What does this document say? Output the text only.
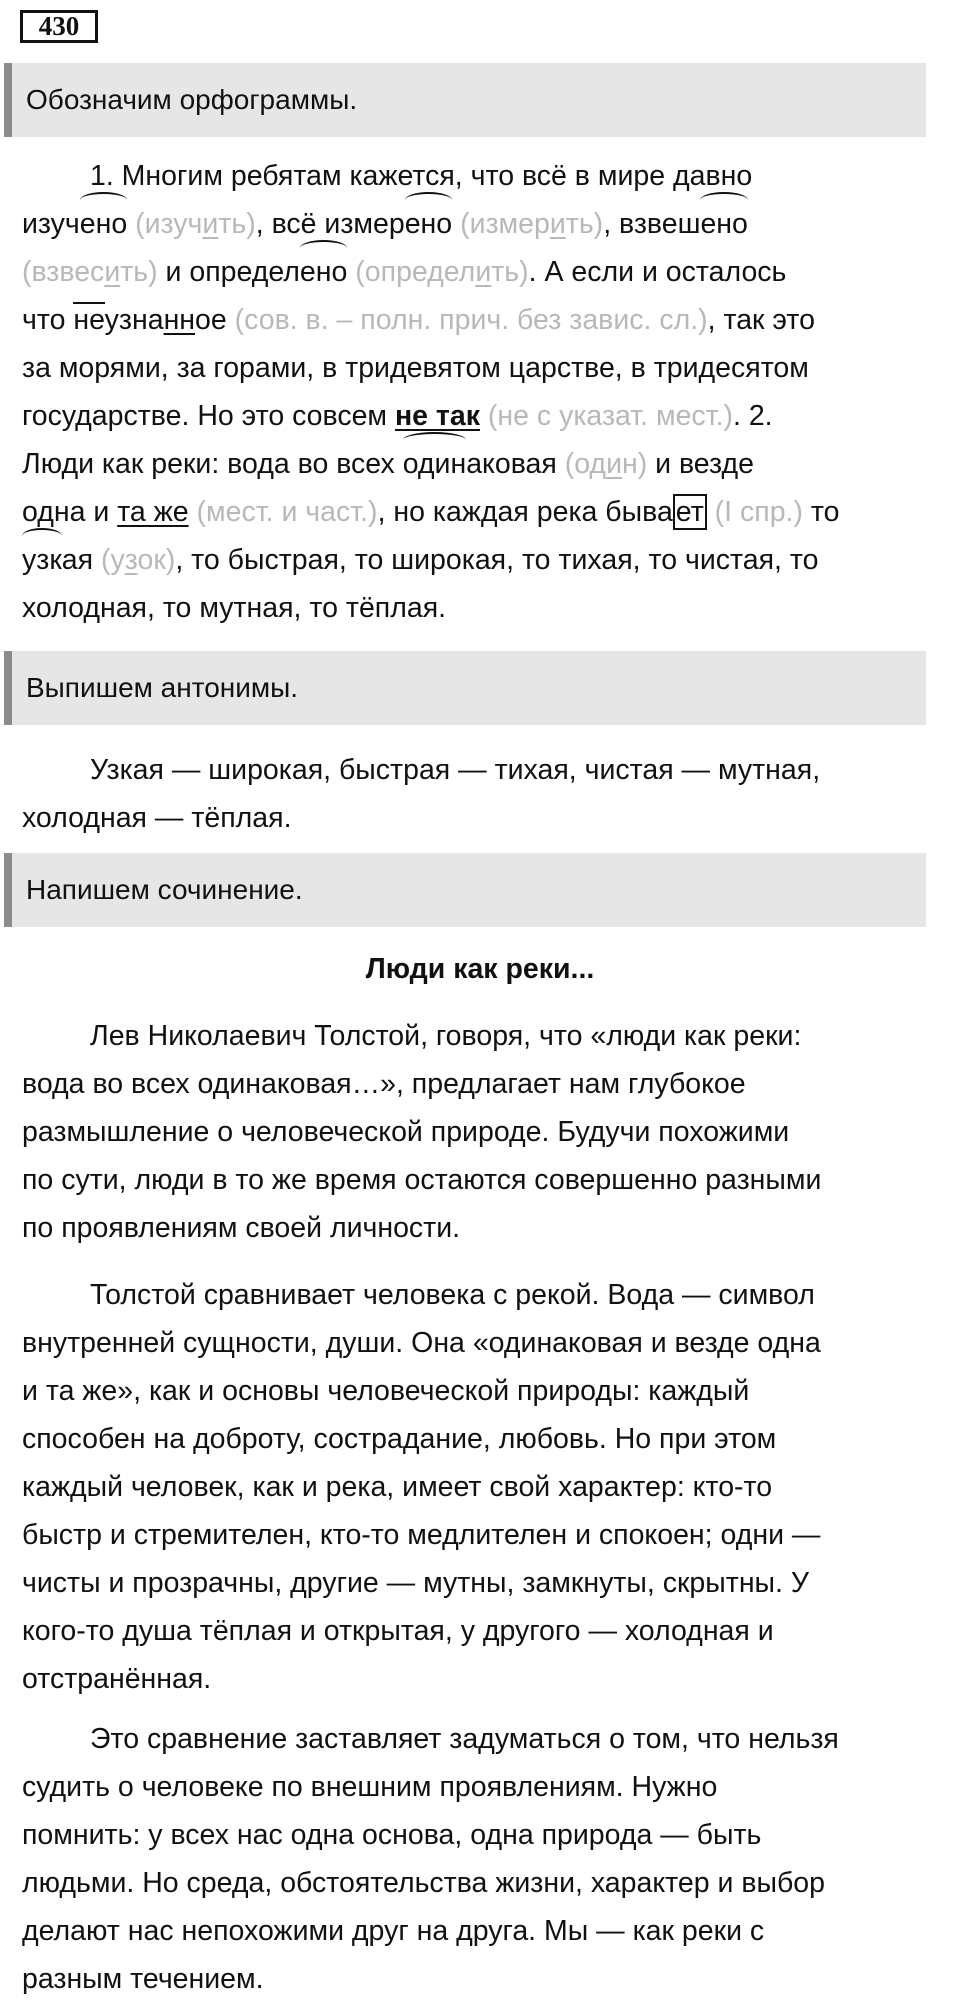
430
Обозначим орфограммы.
1. Многим ребятам кажется, что всё в мире давно
изучено (изучить), всё измерено (измерить), взвешено
(взвесить) и определено (определить). А если и осталось
что неузнанное (сов. в. – полн. прич. без завис. сл.), так это
за морями, за горами, в тридевятом царстве, в тридесятом
государстве. Но это совсем не так (не с указат. мест.). 2.
Люди как реки: вода во всех одинаковая (один) и везде
одна и та же (мест. и част.), но каждая река быва ет (I спр.) то
узкая (узок), то быстрая, то широкая, то тихая, то чистая, то
холодная, то мутная, то тёплая.
Выпишем антонимы.
Узкая — широкая, быстрая — тихая, чистая — мутная,
холодная — тёплая.
Напишем сочинение.
Люди как реки...
Лев Николаевич Толстой, говоря, что «люди как реки:
вода во всех одинаковая…», предлагает нам глубокое
размышление о человеческой природе. Будучи похожими
по сути, люди в то же время остаются совершенно разными
по проявлениям своей личности.
Толстой сравнивает человека с рекой. Вода — символ
внутренней сущности, души. Она «одинаковая и везде одна
и та же», как и основы человеческой природы: каждый
способен на доброту, сострадание, любовь. Но при этом
каждый человек, как и река, имеет свой характер: кто-то
быстр и стремителен, кто-то медлителен и спокоен; одни —
чисты и прозрачны, другие — мутны, замкнуты, скрытны. У
кого-то душа тёплая и открытая, у другого — холодная и
отстранённая.
Это сравнение заставляет задуматься о том, что нельзя
судить о человеке по внешним проявлениям. Нужно
помнить: у всех нас одна основа, одна природа — быть
людьми. Но среда, обстоятельства жизни, характер и выбор
делают нас непохожими друг на друга. Мы — как реки с
разным течением.
